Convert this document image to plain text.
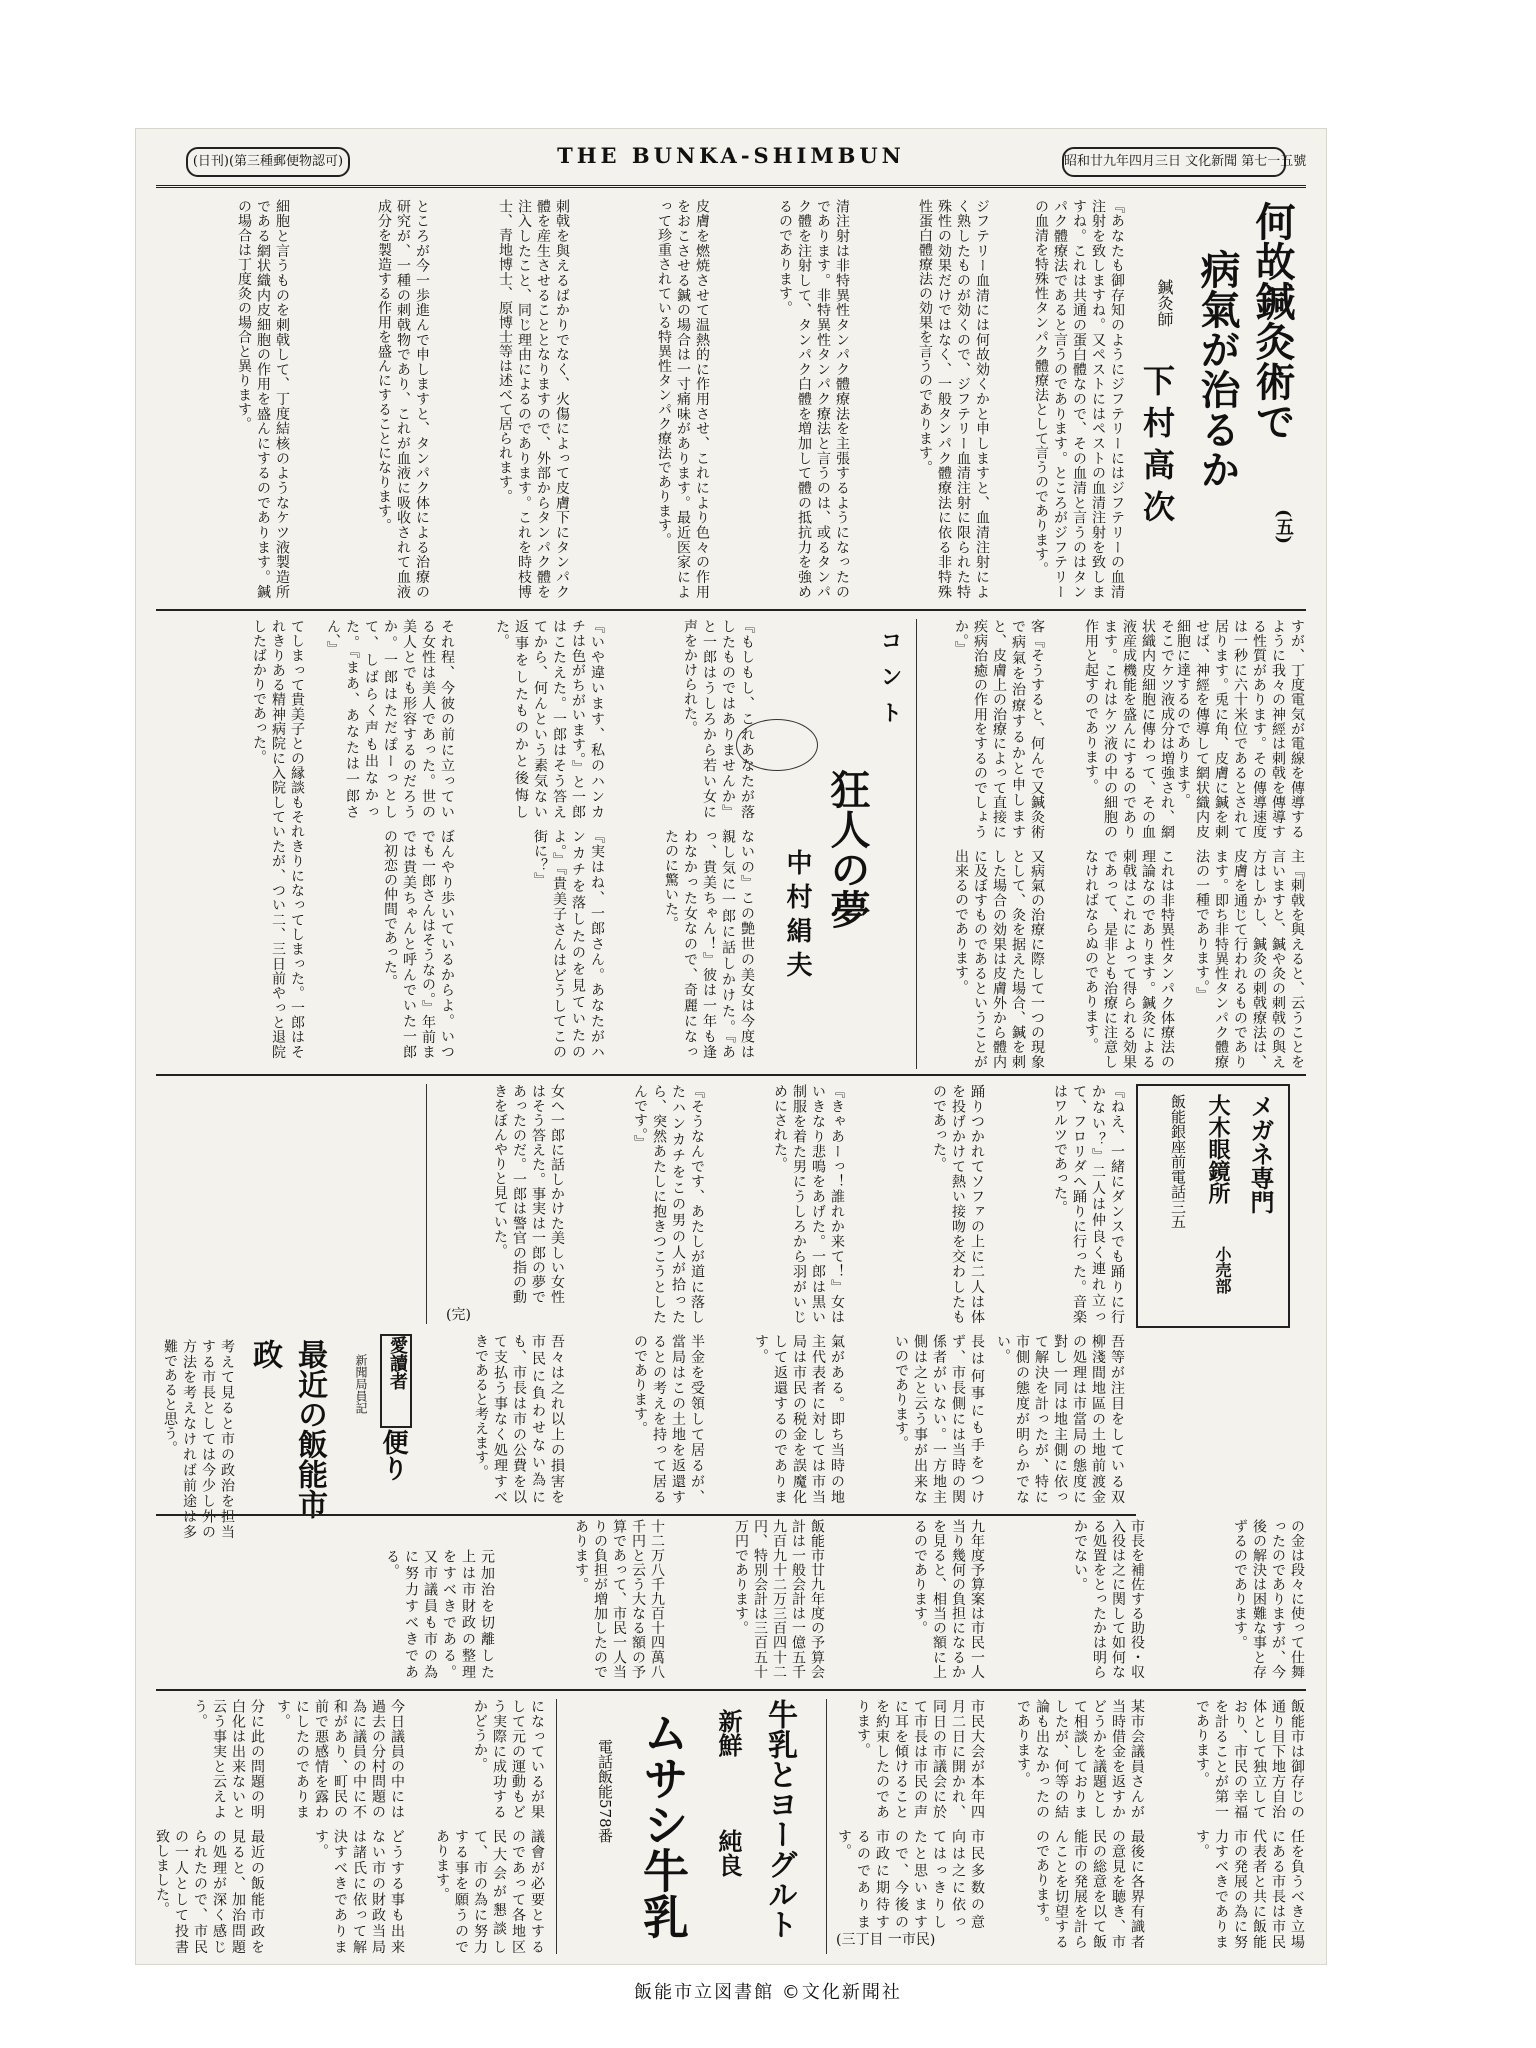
(日刊)(第三種郵便物認可)	THE BUNKA-SHIMBUN	昭和廿九年四月三日 文化新聞 第七一五號
何故鍼灸術で
病氣が治るか
(五)
鍼灸師
下村高次
『あなたも御存知のようにジフテリーにはジフテリーの血清注射を致しますね。又ペストにはペストの血清注射を致しますね。これは共通の蛋白體なので、その血清と言うのはタンパク體療法であると言うのであります。ところがジフテリーの血清を特殊性タンパク體療法として言うのであります。
ジフテリー血清には何故効くかと申しますと、血清注射によく熟したものが効くので、ジフテリー血清注射に限られた特殊性の効果だけではなく、一般タンパク體療法に依る非特殊性蛋白體療法の効果を言うのであります。
清注射は非特異性タンパク體療法を主張するようになったのであります。非特異性タンパク療法と言うのは、或るタンパク體を注射して、タンパク白體を増加して體の抵抗力を強めるのであります。
皮膚を燃焼させて温熱的に作用させ、これにより色々の作用をおこさせる鍼の場合は一寸痛味があります。最近医家によって珍重されている特異性タンパク療法であります。
刺戟を與えるばかりでなく、火傷によって皮膚下にタンパク體を産生させることとなりますので、外部からタンパク體を注入したこと、同じ理由によるのであります。これを時枝博士、青地博士、原博士等は述べて居られます。
ところが今一歩進んで申しますと、タンパク体による治療の研究が、一種の刺戟物であり、これが血液に吸收されて血液成分を製造する作用を盛んにすることになります。
細胞と言うものを刺戟して、丁度結核のようなケツ液製造所である網状織内皮細胞の作用を盛んにするのであります。鍼の場合は丁度灸の場合と異ります。
すが、丁度電気が電線を傳導するように我々の神經は刺戟を傳導する性質があります。その傳導速度は一秒に六十米位であるとされて居ります。兎に角、皮膚に鍼を刺せば、神經を傳導して網状織内皮細胞に達するのであります。
そこでケツ液成分は増強され、網状織内皮細胞に傳わって、その血液産成機能を盛んにするのであります。これはケツ液の中の細胞の作用と起すのであります。
客『そうすると、何んで又鍼灸術で病氣を治療するかと申しますと、皮膚上の治療によって直接に疾病治癒の作用をするのでしょうか。』
主『刺戟を與えると、云うことを言いますと、鍼や灸の刺戟の與え方はしかし、鍼灸の刺戟療法は、皮膚を通じて行われるものであります。即ち非特異性タンパク體療法の一種であります。』
これは非特異性タンパク体療法の理論なのであります。鍼灸による刺戟はこれによって得られる効果であって、是非とも治療に注意しなければならぬのであります。
又病氣の治療に際して一つの現象として、灸を据えた場合、鍼を刺した場合の効果は皮膚外から體内に及ぼすものであるということが出来るのであります。
コント
狂人の夢
中村絹夫
『もしもし、これあなたが落したものではありませんか』と一郎はうしろから若い女に声をかけられた。
『いや違います、私のハンカチは色がちがいます。』と一郎はこたえた。一郎はそう答えてから、何んという素気ない返事をしたものかと後悔した。
それ程、今彼の前に立っている女性は美人であった。世の美人とでも形容するのだろうか。一郎はただぽーっとして、しばらく声も出なかった。『まあ、あなたは一郎さん、』
ないの』この艶世の美女は今度は親し気に一郎に話しかけた。『あっ、貴美ちゃん！』彼は一年も逢わなかった女なので、奇麗になったのに驚いた。
『実はね、一郎さん。あなたがハンカチを落したのを見ていたのよ。』『貴美子さんはどうしてこの街に？』
ぼんやり歩いているからよ。いつでも一郎さんはそうなの。』年前までは貴美ちゃんと呼んでいた一郎の初恋の仲間であった。
てしまって貴美子との縁談もそれきりになってしまった。一郎はそれきりある精神病院に入院していたが、つい二、三日前やっと退院したばかりであった。
メガネ専門
大木眼鏡所
小売部
飯能銀座前電話三五
『ねえ、一緒にダンスでも踊りに行かない？』二人は仲良く連れ立って、フロリダへ踊りに行った。音楽はワルツであった。
踊りつかれてソファの上に二人は体を投げかけて熱い接吻を交わしたものであった。
『きゃあーっ！誰れか来て！』女はいきなり悲鳴をあげた。一郎は黒い制服を着た男にうしろから羽がいじめにされた。
『そうなんです、あたしが道に落したハンカチをこの男の人が拾ったら、突然あたしに抱きつこうとしたんです。』
女へ一郎に話しかけた美しい女性はそう答えた。事実は一郎の夢であったのだ。一郎は警官の指の動きをぼんやりと見ていた。
(完)
愛讀者
便り
新聞局員記
最近の飯能市
政	吾等が注目をしている双柳淺間地區の土地前渡金の処理は市當局の態度に對し一同は地主側に依って解決を計ったが、特に市側の態度が明らかでない。
長は何事にも手をつけず、市長側には当時の関係者がいない。一方地主側は之と云う事が出来ないのであります。
氣がある。即ち当時の地主代表者に対しては市当局は市民の税金を誤魔化して返還するのであります。
半金を受領して居るが、當局はこの土地を返還するとの考えを持って居るのであります。
吾々は之れ以上の損害を市民に負わせない為にも、市長は市の公費を以て支払う事なく処理すべきであると考えます。
考えて見ると市の政治を担当する市長としては今少し外の方法を考えなければ前途は多難であると思う。
の金は段々に使って仕舞ったのでありますが、今後の解決は困難な事と存ずるのであります。
市長を補佐する助役・収入役は之に関して如何なる処置をとったかは明らかでない。
九年度予算案は市民一人当り幾何の負担になるかを見ると、相当の額に上るのであります。
飯能市廿九年度の予算会計は一般会計は一億五千九百九十二万三百四十二円、特別会計は三百五十万円であります。
十二万八千九百十四萬八千円と云う大なる額の予算であって、市民一人当りの負担が増加したのであります。
元加治を切離した上は市財政の整理をすべきである。又市議員も市の為に努力すべきである。
飯能市は御存じの通り目下地方自治体として独立しており、市民の幸福を計ることが第一であります。
某市会議員さんが当時借金を返すかどうかを議題として相談しておりましたが、何等の結論も出なかったのであります。
市民大会が本年四月二日に開かれ、同日の市議会に於て市長は市民の声に耳を傾けることを約束したのであります。
任を負うべき立場にある市長は市民代表者と共に飯能市の発展の為に努力すべきであります。
最後に各界有識者の意見を聴き、市民の総意を以て飯能市の発展を計らんことを切望するのであります。
市民多数の意向は之に依ってはっきりしたと思いますので、今後の市政に期待するのであります。
(三丁目 一市民)
牛乳とヨーグルト
新鮮
純良
ムサシ牛乳
電話飯能578番
になっているが果して元の運動もどう実際に成功するかどうか。
今日議員の中には過去の分村問題の為に議員の中に不和があり、町民の前で悪感情を露わにしたのであります。
分に此の問題の明白化は出来ないと云う事実と云えよう。
議會が必要とするのであって各地区民大会が懇談して、市の為に努力する事を願うのであります。
どうする事も出来ない市の財政当局は諸氏に依って解決すべきであります。
最近の飯能市政を見ると、加治問題の処理が深く感じられたので、市民の一人として投書致しました。
飯能市立図書館 ©文化新聞社
